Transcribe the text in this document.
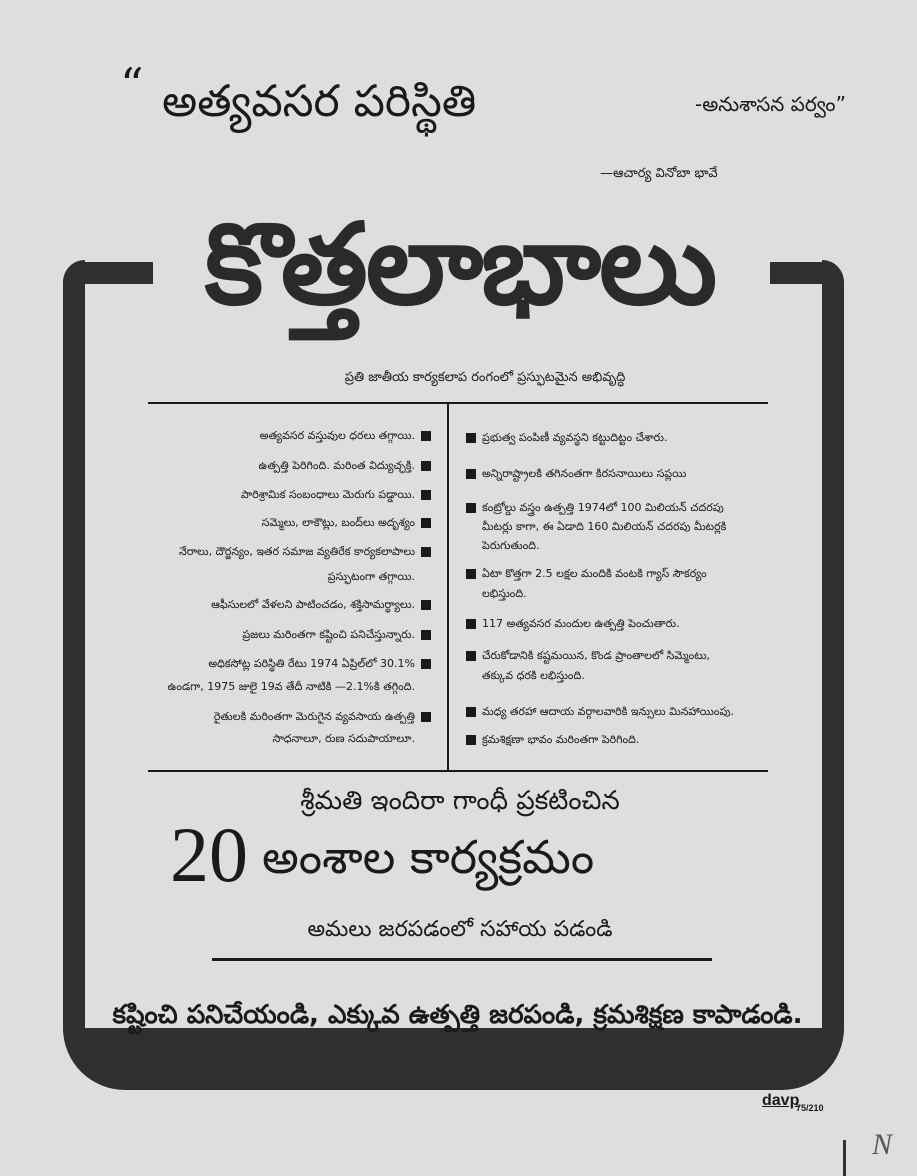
“ అత్యవసర పరిస్థితి	-అనుశాసన పర్వం”
—ఆచార్య వినోబా భావే
కొత్తలాభాలు
ప్రతి జాతీయ కార్యకలాప రంగంలో ప్రస్ఫుటమైన అభివృద్ధి
అత్యవసర వస్తువుల ధరలు తగ్గాయి.
ఉత్పత్తి పెరిగింది. మరింత విద్యుచ్ఛక్తి.
పారిశ్రామిక సంబంధాలు మెరుగు పడ్డాయి.
సమ్మెలు, లాకౌట్లు, బంద్‌లు అదృశ్యం
నేరాలు, దౌర్జన్యం, ఇతర సమాజ వ్యతిరేక కార్యకలాపాలు
ప్రస్ఫుటంగా తగ్గాయి.
ఆఫీసులలో వేళలని పాటించడం, శక్తిసామర్థ్యాలు.
ప్రజలు మరింతగా కష్టించి పనిచేస్తున్నారు.
అధికసోట్ల పరిస్థితి రేటు 1974 ఏప్రిల్‌లో 30.1%
ఉండగా, 1975 జులై 19వ తేదీ నాటికి —2.1%కి తగ్గింది.
రైతులకి మరింతగా మెరుగైన వ్యవసాయ ఉత్పత్తి
సాధనాలూ, రుణ సదుపాయాలూ.
ప్రభుత్వ పంపిణీ వ్యవస్థని కట్టుదిట్టం చేశారు.
అన్నిరాష్ట్రాలకి తగినంతగా కిరసనాయిలు సప్లయి
కంట్రోల్డు వస్త్రం ఉత్పత్తి 1974లో 100 మిలియన్ చదరపు
మీటర్లు కాగా, ఈ ఏడాది 160 మిలియన్ చదరపు మీటర్లకి
పెరుగుతుంది.
ఏటా కొత్తగా 2.5 లక్షల మందికి వంటకి గ్యాస్ సౌకర్యం
లభిస్తుంది.
117 అత్యవసర మందుల ఉత్పత్తి పెంచుతారు.
చేరుకోడానికి కష్టమయిన, కొండ ప్రాంతాలలో సిమ్మెంటు,
తక్కువ ధరకి లభిస్తుంది.
మధ్య తరహా ఆదాయ వర్గాలవారికి ఇన్సులు మినహాయింపు.
క్రమశిక్షణా భావం మరింతగా పెరిగింది.
శ్రీమతి ఇందిరా గాంధీ ప్రకటించిన
20 అంశాల కార్యక్రమం
అమలు జరపడంలో సహాయ పడండి
కష్టించి పనిచేయండి, ఎక్కువ ఉత్పత్తి జరపండి, క్రమశిక్షణ కాపాడండి.
davp
75/210
N
